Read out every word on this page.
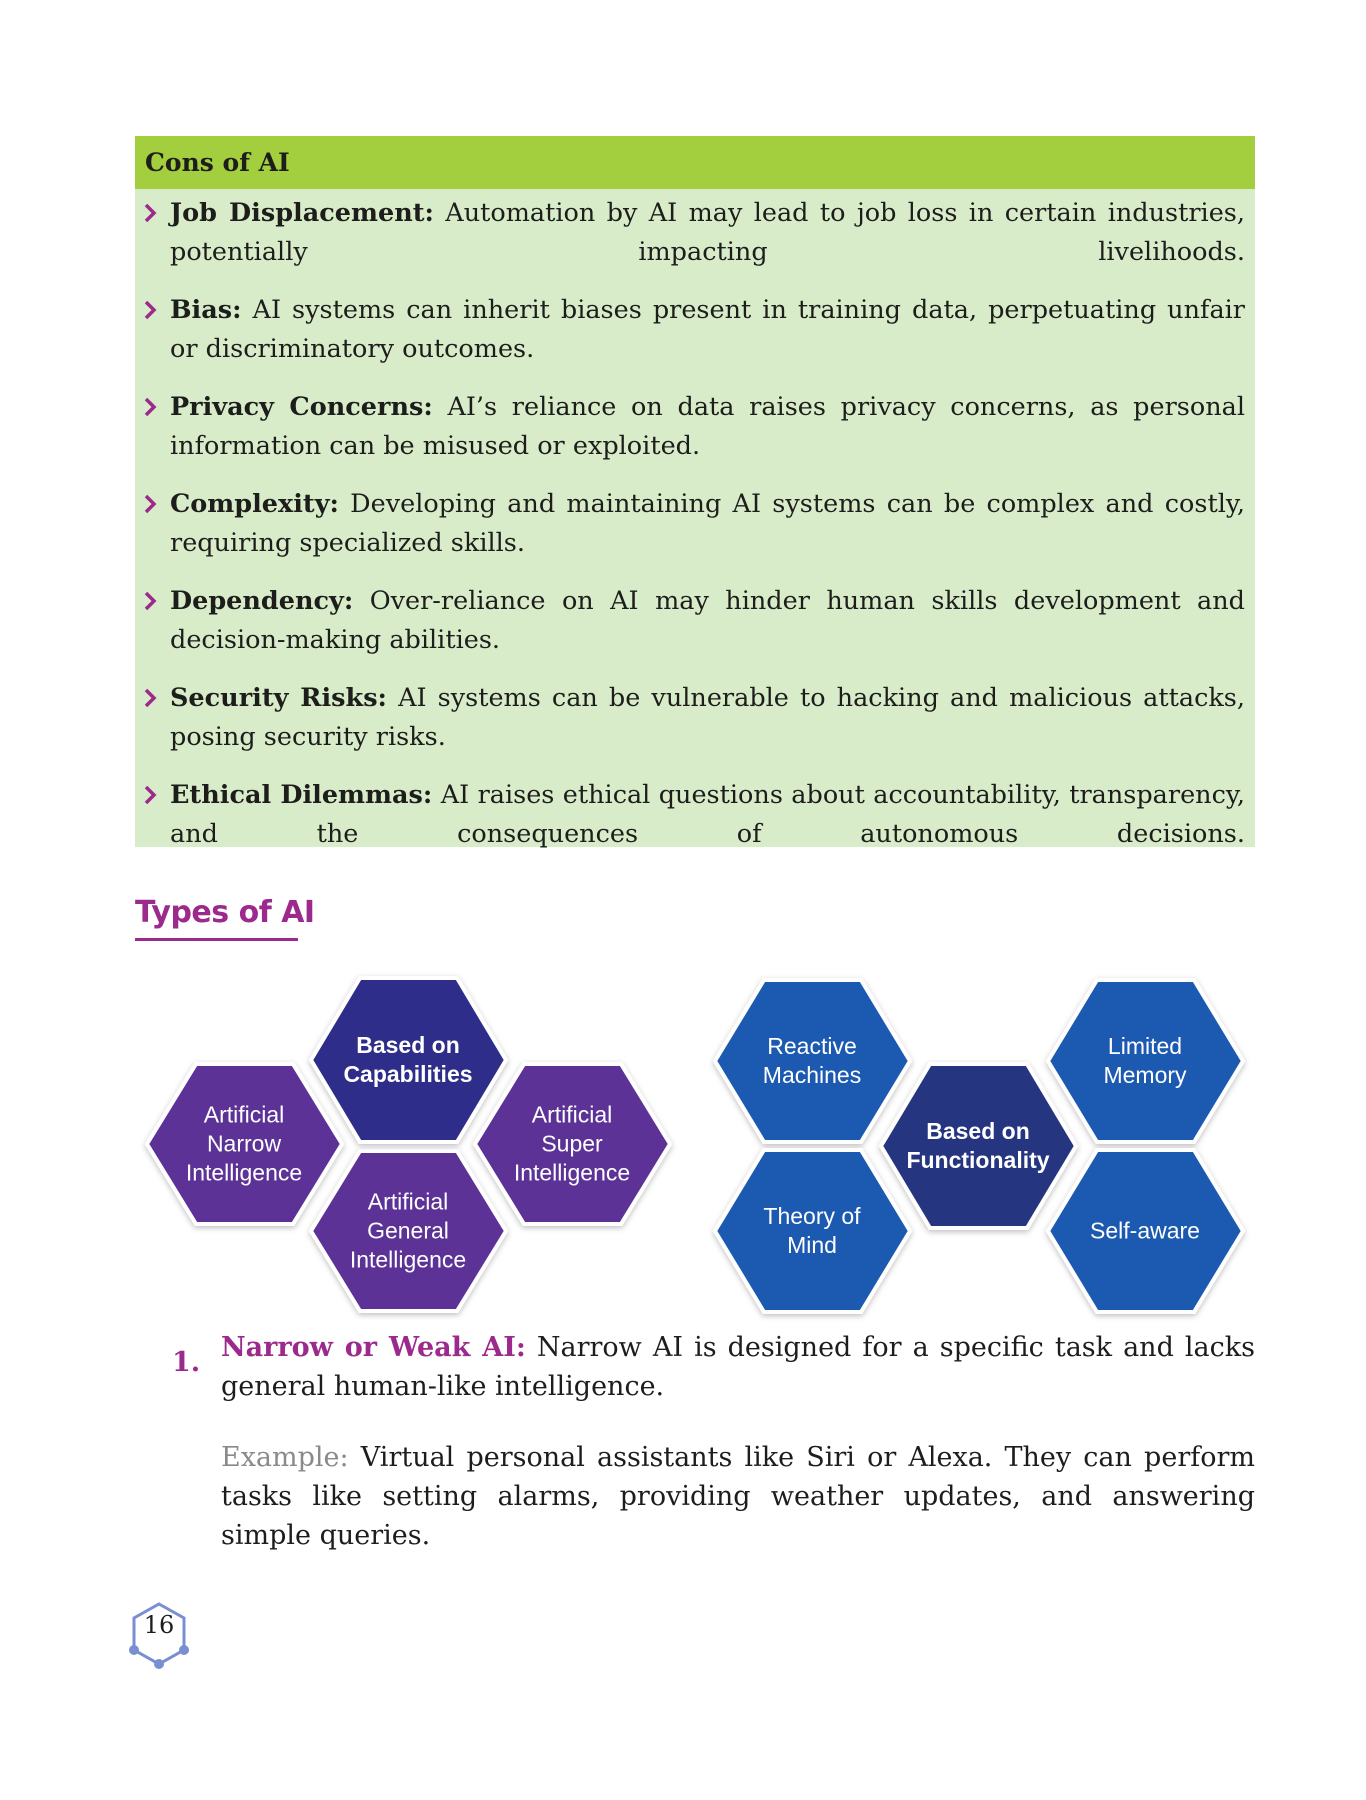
Cons of AI
Job Displacement: Automation by AI may lead to job loss in certain industries, potentially impacting livelihoods.
Bias: AI systems can inherit biases present in training data, perpetuating unfair or discriminatory outcomes.
Privacy Concerns: AI’s reliance on data raises privacy concerns, as personal information can be misused or exploited.
Complexity: Developing and maintaining AI systems can be complex and costly, requiring specialized skills.
Dependency: Over-reliance on AI may hinder human skills development and decision-making abilities.
Security Risks: AI systems can be vulnerable to hacking and malicious attacks, posing security risks.
Ethical Dilemmas: AI raises ethical questions about accountability, transparency, and the consequences of autonomous decisions.
Types of AI
Based on Capabilities
Artificial Narrow Intelligence
Artificial Super Intelligence
Artificial General Intelligence
Reactive Machines
Limited Memory
Based on Functionality
Theory of Mind
Self-aware
1. Narrow or Weak AI: Narrow AI is designed for a specific task and lacks general human-like intelligence.

Example: Virtual personal assistants like Siri or Alexa. They can perform tasks like setting alarms, providing weather updates, and answering simple queries.

16
